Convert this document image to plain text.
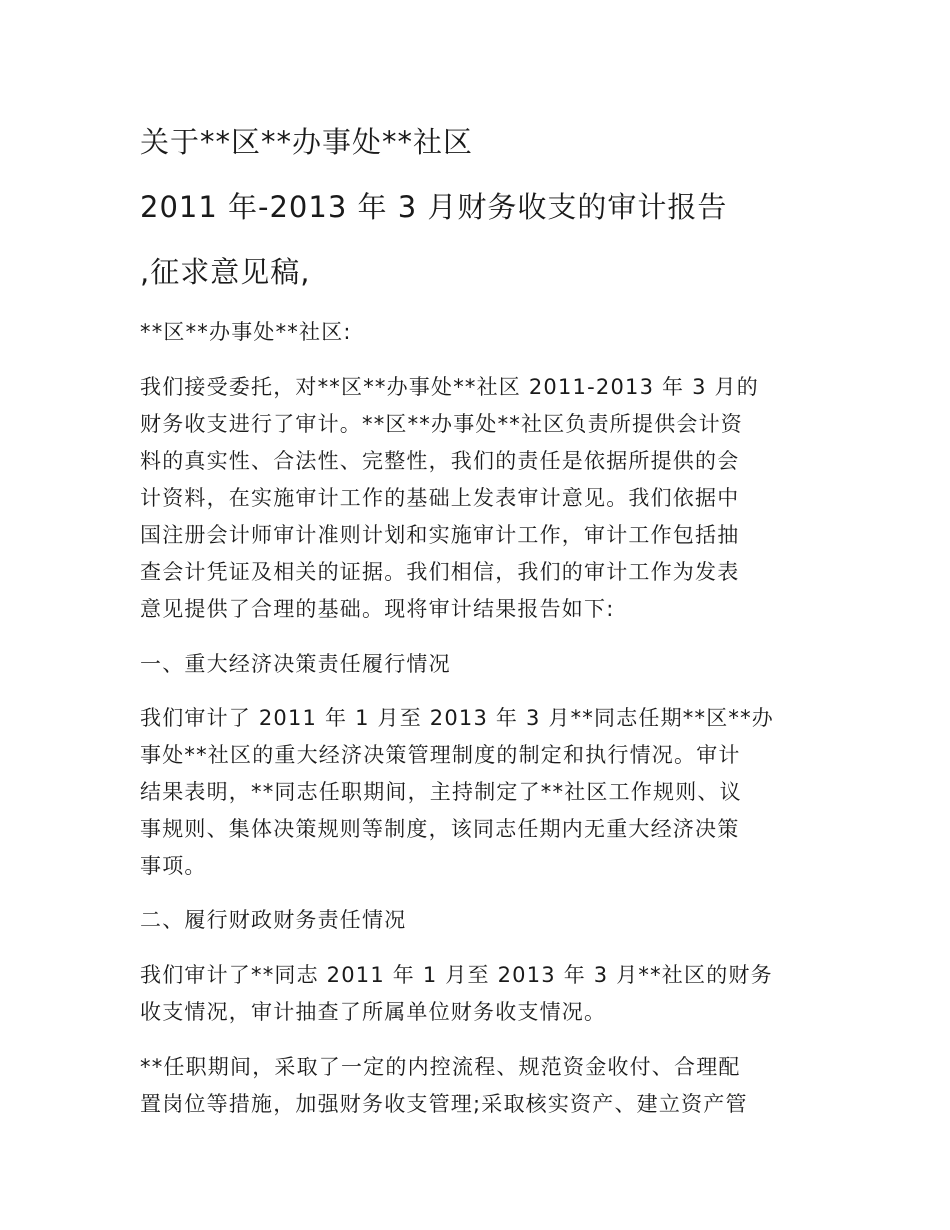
关于**区**办事处**社区
2011 年-2013 年 3 月财务收支的审计报告
,征求意见稿,
**区**办事处**社区:
我们接受委托，对**区**办事处**社区 2011-2013 年 3 月的
财务收支进行了审计。**区**办事处**社区负责所提供会计资
料的真实性、合法性、完整性，我们的责任是依据所提供的会
计资料，在实施审计工作的基础上发表审计意见。我们依据中
国注册会计师审计准则计划和实施审计工作，审计工作包括抽
查会计凭证及相关的证据。我们相信，我们的审计工作为发表
意见提供了合理的基础。现将审计结果报告如下:
一、重大经济决策责任履行情况
我们审计了 2011 年 1 月至 2013 年 3 月**同志任期**区**办
事处**社区的重大经济决策管理制度的制定和执行情况。审计
结果表明，**同志任职期间，主持制定了**社区工作规则、议
事规则、集体决策规则等制度，该同志任期内无重大经济决策
事项。
二、履行财政财务责任情况
我们审计了**同志 2011 年 1 月至 2013 年 3 月**社区的财务
收支情况，审计抽查了所属单位财务收支情况。
**任职期间，采取了一定的内控流程、规范资金收付、合理配
置岗位等措施，加强财务收支管理;采取核实资产、建立资产管
